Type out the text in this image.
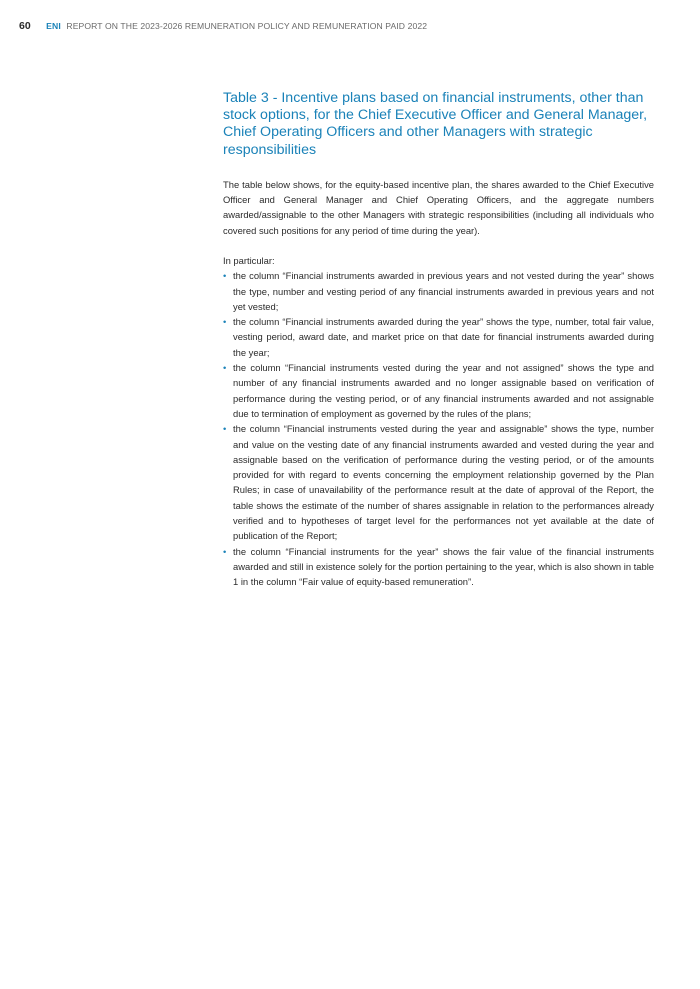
60 ENI REPORT ON THE 2023-2026 REMUNERATION POLICY AND REMUNERATION PAID 2022
Table 3 - Incentive plans based on financial instruments, other than stock options, for the Chief Executive Officer and General Manager, Chief Operating Officers and other Managers with strategic responsibilities

The table below shows, for the equity-based incentive plan, the shares awarded to the Chief Executive Officer and General Manager and Chief Operating Officers, and the aggregate numbers awarded/assignable to the other Managers with strategic responsibilities (including all individuals who covered such positions for any period of time during the year).

In particular:

• the column “Financial instruments awarded in previous years and not vested during the year” shows the type, number and vesting period of any financial instruments awarded in previous years and not yet vested;
• the column “Financial instruments awarded during the year” shows the type, number, total fair value, vesting period, award date, and market price on that date for financial instruments awarded during the year;
• the column “Financial instruments vested during the year and not assigned” shows the type and number of any financial instruments awarded and no longer assignable based on verification of performance during the vesting period, or of any financial instruments awarded and not assignable due to termination of employment as governed by the rules of the plans;
• the column “Financial instruments vested during the year and assignable” shows the type, number and value on the vesting date of any financial instruments awarded and vested during the year and assignable based on the verification of performance during the vesting period, or of the amounts provided for with regard to events concerning the employment relationship governed by the Plan Rules; in case of unavailability of the performance result at the date of approval of the Report, the table shows the estimate of the number of shares assignable in relation to the performances already verified and to hypotheses of target level for the performances not yet available at the date of publication of the Report;
• the column “Financial instruments for the year” shows the fair value of the financial instruments awarded and still in existence solely for the portion pertaining to the year, which is also shown in table 1 in the column “Fair value of equity-based remuneration”.
